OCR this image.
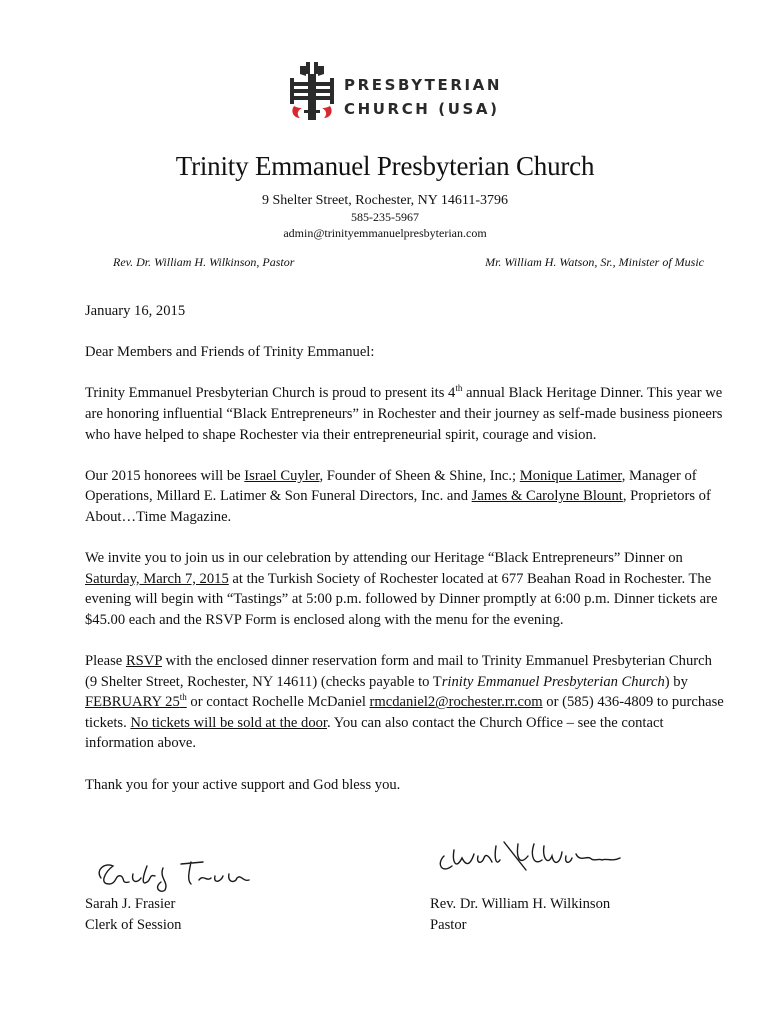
PRESBYTERIAN
CHURCH (USA)
Trinity Emmanuel Presbyterian Church
9 Shelter Street, Rochester, NY 14611-3796
585-235-5967
admin@trinityemmanuelpresbyterian.com
Rev. Dr. William H. Wilkinson, Pastor	Mr. William H. Watson, Sr., Minister of Music

January 16, 2015

Dear Members and Friends of Trinity Emmanuel:

Trinity Emmanuel Presbyterian Church is proud to present its 4th annual Black Heritage Dinner. This year we are honoring influential “Black Entrepreneurs” in Rochester and their journey as self-made business pioneers who have helped to shape Rochester via their entrepreneurial spirit, courage and vision.

Our 2015 honorees will be Israel Cuyler, Founder of Sheen & Shine, Inc.; Monique Latimer, Manager of Operations, Millard E. Latimer & Son Funeral Directors, Inc. and James & Carolyne Blount, Proprietors of About…Time Magazine.

We invite you to join us in our celebration by attending our Heritage “Black Entrepreneurs” Dinner on Saturday, March 7, 2015 at the Turkish Society of Rochester located at 677 Beahan Road in Rochester. The evening will begin with “Tastings” at 5:00 p.m. followed by Dinner promptly at 6:00 p.m. Dinner tickets are $45.00 each and the RSVP Form is enclosed along with the menu for the evening.

Please RSVP with the enclosed dinner reservation form and mail to Trinity Emmanuel Presbyterian Church (9 Shelter Street, Rochester, NY 14611) (checks payable to Trinity Emmanuel Presbyterian Church) by FEBRUARY 25th or contact Rochelle McDaniel rmcdaniel2@rochester.rr.com or (585) 436-4809 to purchase tickets. No tickets will be sold at the door. You can also contact the Church Office – see the contact information above.

Thank you for your active support and God bless you.

Sarah J. Frasier
Clerk of Session
Rev. Dr. William H. Wilkinson
Pastor
